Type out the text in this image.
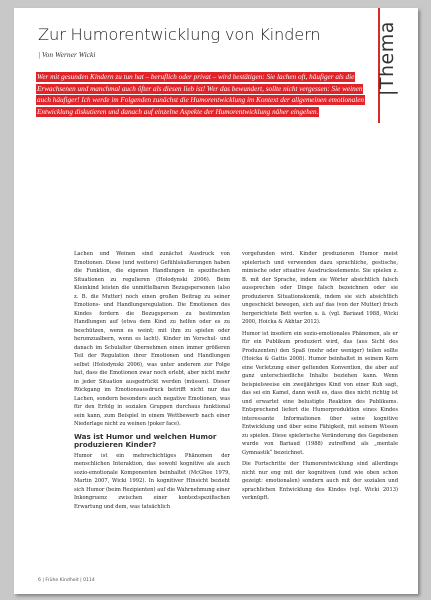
Zur Humorentwicklung von Kindern
| Von Werner Wicki	|Thema
Wer mit gesunden Kindern zu tun hat – beruflich oder privat – wird bestätigen: Sie lachen oft, häufiger als die Erwachsenen und manchmal auch öfter als diesen lieb ist! Wer das bewundert, sollte nicht vergessen: Sie weinen auch häufiger! Ich werde im Folgenden zunächst die Humorentwicklung im Kontext der allgemeinen emotionalen Entwicklung diskutieren und danach auf einzelne Aspekte der Humorentwicklung näher eingehen.

Lachen und Weinen sind zunächst Ausdruck von Emotionen. Diese (und weitere) Gefühlsäußerungen haben die Funktion, die eigenen Handlungen in spezifischen Situationen zu regulieren (Holodynski 2006). Beim Kleinkind leisten die unmittelbaren Bezugspersonen (also z. B. die Mutter) noch einen großen Beitrag zu seiner Emotions- und Handlungsregulation. Die Emotionen des Kindes fordern die Bezugsperson zu bestimmten Handlungen auf (etwa dem Kind zu helfen oder es zu beschützen, wenn es weint; mit ihm zu spielen oder herumzualbern, wenn es lacht). Kinder im Vorschul- und danach im Schulalter übernehmen einen immer größeren Teil der Regulation ihrer Emotionen und Handlungen selbst (Holodynski 2006), was unter anderem zur Folge hat, dass die Emotionen zwar noch erlebt, aber nicht mehr in jeder Situation ausgedrückt werden (müssen). Dieser Rückgang im Emotionsausdruck betrifft nicht nur das Lachen, sondern besonders auch negative Emotionen, was für den Erfolg in sozialen Gruppen durchaus funktional sein kann, zum Beispiel in einem Wettbewerb nach einer Niederlage nicht zu weinen (poker face).

Was ist Humor und welchen Humor produzieren Kinder?

Humor ist ein mehrschichtiges Phänomen der menschlichen Interaktion, das sowohl kognitive als auch sozio-emotionale Komponenten beinhaltet (McGhee 1979, Martin 2007, Wicki 1992). In kognitiver Hinsicht bezieht sich Humor (beim Rezipienten) auf die Wahrnehmung einer Inkongruenz zwischen einer kontextspezifischen Erwartung und dem, was tatsächlich

vorgefunden wird. Kinder produzieren Humor meist spielerisch und verwenden dazu sprachliche, gestische, mimische oder situative Ausdruckselemente. Sie spielen z. B. mit der Sprache, indem sie Wörter absichtlich falsch aussprechen oder Dinge falsch bezeichnen oder sie produzieren Situationskomik, indem sie sich absichtlich ungeschickt bewegen, sich auf das (von der Mutter) frisch hergerichtete Bett werfen u. ä. (vgl. Bariaud 1988, Wicki 2000, Hoicka & Akhtar 2012).

Humor ist insofern ein sozio-emotionales Phänomen, als er für ein Publikum produziert wird, das (aus Sicht des Produzenten) den Spaß (mehr oder weniger) teilen sollte (Hoicka & Gattis 2008). Humor beinhaltet in seinem Kern eine Verletzung einer geltenden Konvention, die aber auf ganz unterschiedliche Inhalte beziehen kann. Wenn beispielsweise ein zweijähriges Kind von einer Kuh sagt, das sei ein Kamel, dann weiß es, dass dies nicht richtig ist und erwartet eine belustigte Reaktion des Publikums. Entsprechend liefert die Humorproduktion eines Kindes interessante Informationen über seine kognitive Entwicklung und über seine Fähigkeit, mit seinem Wissen zu spielen. Diese spielerische Veränderung des Gegebenen wurde von Bariaud (1988) zutreffend als „mentale Gymnastik“ bezeichnet.

Die Fortschritte der Humorentwicklung sind allerdings nicht nur eng mit der kognitiven (und wie oben schon gezeigt: emotionalen) sondern auch mit der sozialen und sprachlichen Entwicklung des Kindes (vgl. Wicki 2013) verknüpft.

6 | Frühe Kindheit | 0114
